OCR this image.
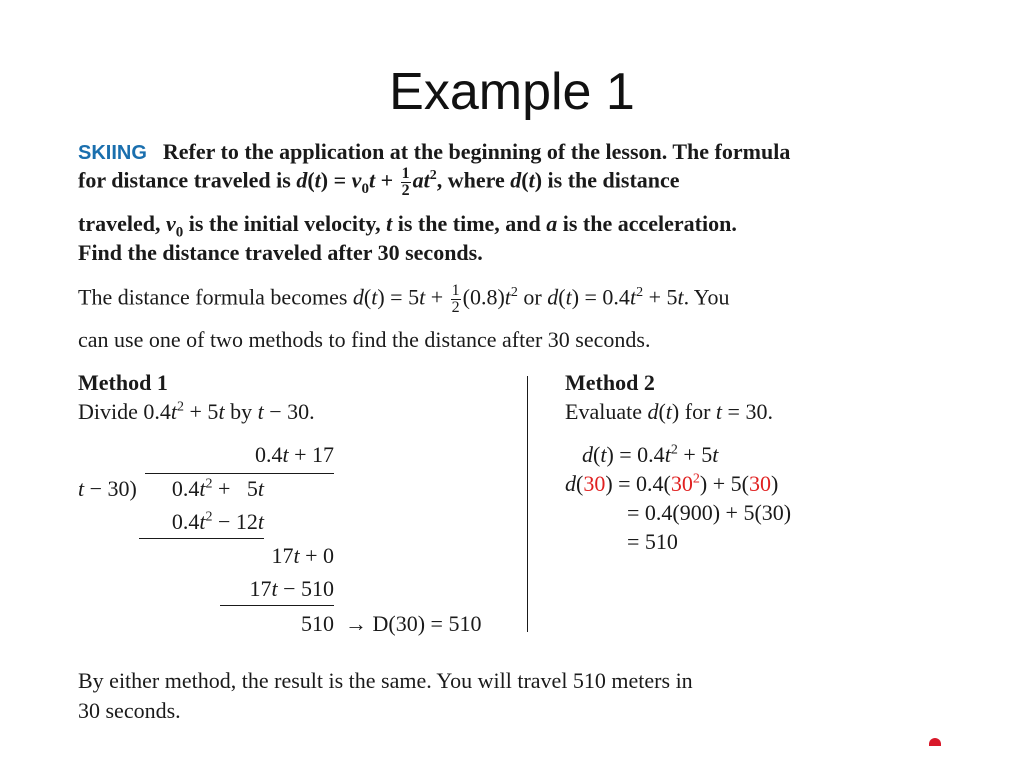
Example 1
SKIING Refer to the application at the beginning of the lesson. The formula
for distance traveled is $d(t) = v_0t + \frac{1}{2} at^2$, where d(t) is the distance
traveled, $v_0$ is the initial velocity, t is the time, and a is the acceleration.
Find the distance traveled after 30 seconds.
The distance formula becomes $d(t) = 5t + \frac{1}{2} (0.8)t^2$ or $d(t) = 0.4t^2 + 5t$. You
can use one of two methods to find the distance after 30 seconds.
Method 1
Divide $0.4t^2 + 5t$ by t − 30.
0.4t + 17
t − 30)	$0.4t^2 + 5t$
$0.4t^2 - 12t$
17t + 0
17t − 510
510 → D(30) = 510
Method 2
Evaluate d(t) for t = 30.
$d(t) = 0.4t^2 + 5t$
$d(30) = 0.4(30^2) + 5(30)$
= 0.4(900) + 5(30)
= 510
By either method, the result is the same. You will travel 510 meters in
30 seconds.
